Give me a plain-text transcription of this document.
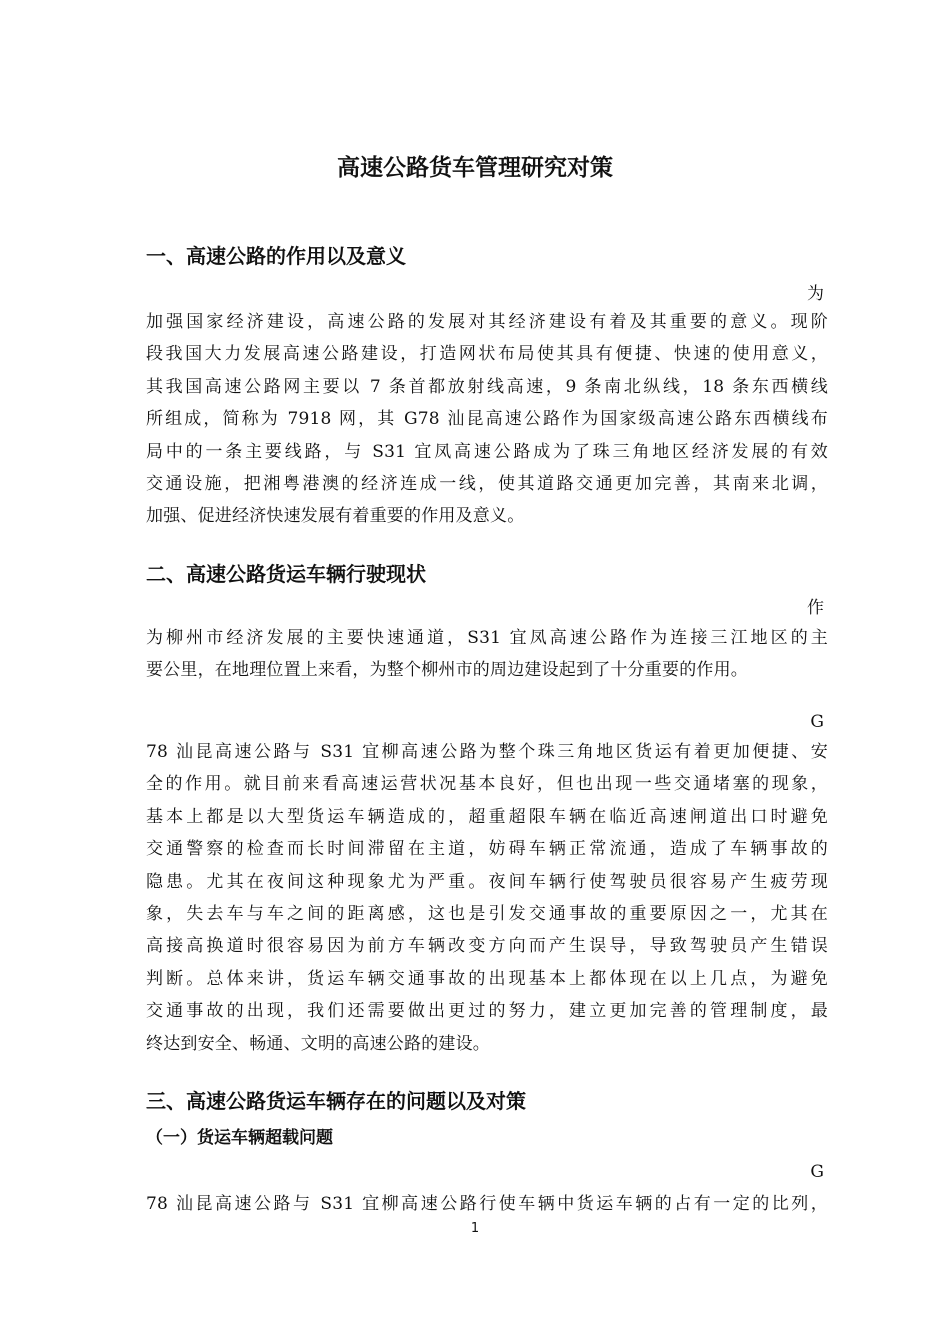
高速公路货车管理研究对策
一、高速公路的作用以及意义
为
加强国家经济建设，高速公路的发展对其经济建设有着及其重要的意义。现阶
段我国大力发展高速公路建设，打造网状布局使其具有便捷、快速的使用意义，
其我国高速公路网主要以 7 条首都放射线高速，9 条南北纵线，18 条东西横线
所组成，简称为 7918 网，其 G78 汕昆高速公路作为国家级高速公路东西横线布
局中的一条主要线路，与 S31 宜凤高速公路成为了珠三角地区经济发展的有效
交通设施，把湘粤港澳的经济连成一线，使其道路交通更加完善，其南来北调，
加强、促进经济快速发展有着重要的作用及意义。
二、高速公路货运车辆行驶现状
作
为柳州市经济发展的主要快速通道，S31 宜凤高速公路作为连接三江地区的主
要公里，在地理位置上来看，为整个柳州市的周边建设起到了十分重要的作用。
G
78 汕昆高速公路与 S31 宜柳高速公路为整个珠三角地区货运有着更加便捷、安
全的作用。就目前来看高速运营状况基本良好，但也出现一些交通堵塞的现象，
基本上都是以大型货运车辆造成的，超重超限车辆在临近高速闸道出口时避免
交通警察的检查而长时间滞留在主道，妨碍车辆正常流通，造成了车辆事故的
隐患。尤其在夜间这种现象尤为严重。夜间车辆行使驾驶员很容易产生疲劳现
象，失去车与车之间的距离感，这也是引发交通事故的重要原因之一，尤其在
高接高换道时很容易因为前方车辆改变方向而产生误导，导致驾驶员产生错误
判断。总体来讲，货运车辆交通事故的出现基本上都体现在以上几点，为避免
交通事故的出现，我们还需要做出更过的努力，建立更加完善的管理制度，最
终达到安全、畅通、文明的高速公路的建设。
三、高速公路货运车辆存在的问题以及对策
（一）货运车辆超载问题
G
78 汕昆高速公路与 S31 宜柳高速公路行使车辆中货运车辆的占有一定的比列，
1
